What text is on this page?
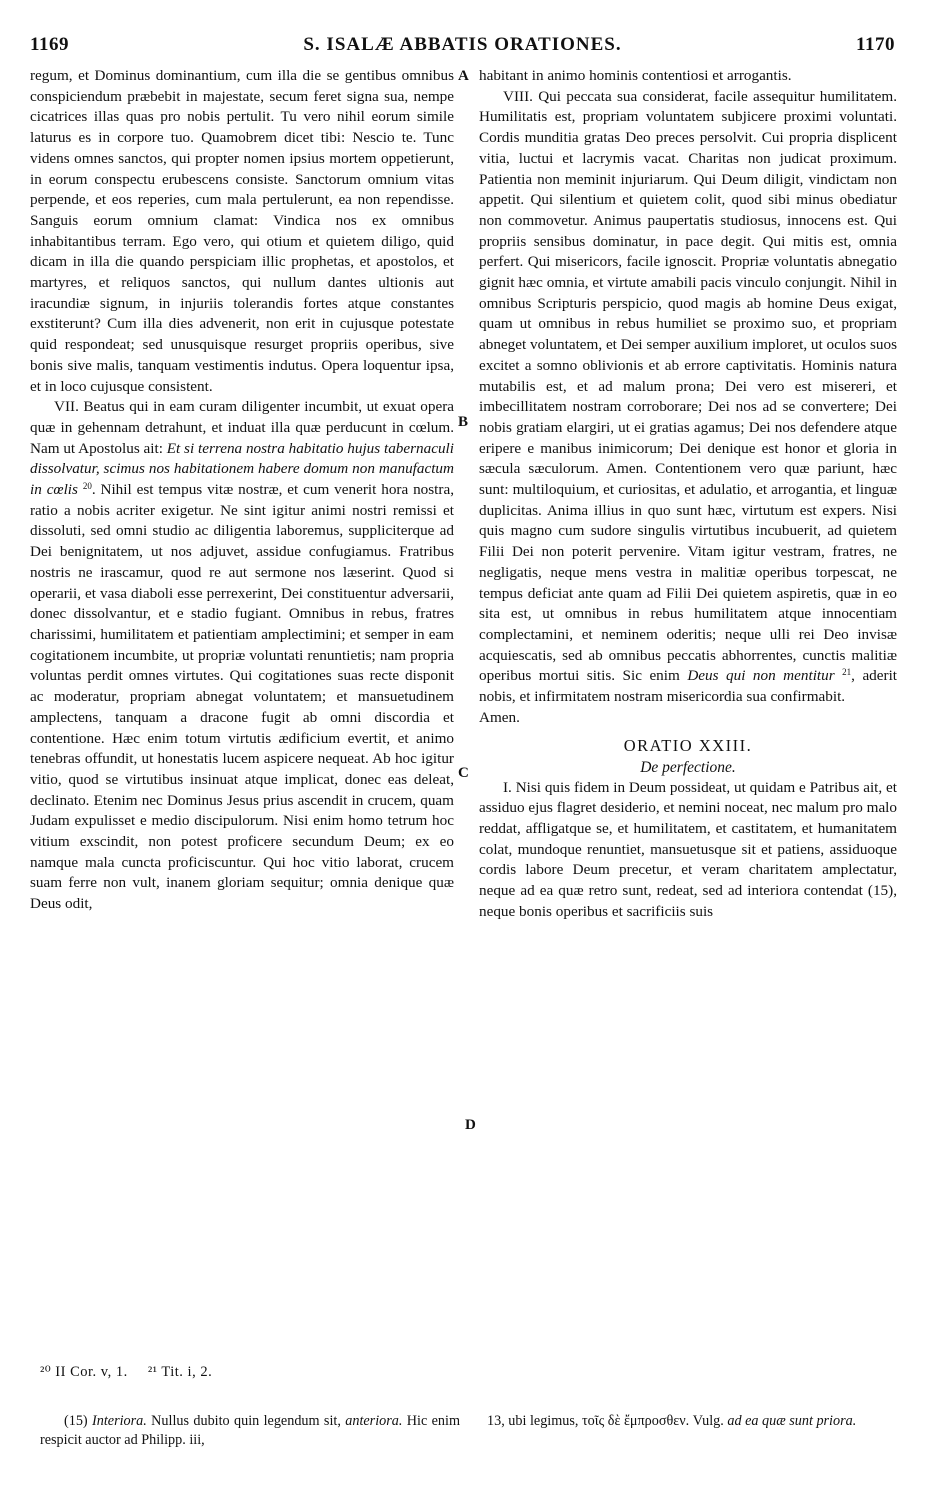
1169	S. ISALÆ ABBATIS ORATIONES.	1170
A
B
C
D

regum, et Dominus dominantium, cum illa die se gentibus omnibus conspiciendum præbebit in majestate, secum feret signa sua, nempe cicatrices illas quas pro nobis pertulit. Tu vero nihil eorum simile laturus es in corpore tuo. Quamobrem dicet tibi: Nescio te. Tunc videns omnes sanctos, qui propter nomen ipsius mortem oppetierunt, in eorum conspectu erubescens consiste. Sanctorum omnium vitas perpende, et eos reperies, cum mala pertulerunt, ea non rependisse. Sanguis eorum omnium clamat: Vindica nos ex omnibus inhabitantibus terram. Ego vero, qui otium et quietem diligo, quid dicam in illa die quando perspiciam illic prophetas, et apostolos, et martyres, et reliquos sanctos, qui nullum dantes ultionis aut iracundiæ signum, in injuriis tolerandis fortes atque constantes exstiterunt? Cum illa dies advenerit, non erit in cujusque potestate quid respondeat; sed unusquisque resurget propriis operibus, sive bonis sive malis, tanquam vestimentis indutus. Opera loquentur ipsa, et in loco cujusque consistent.

VII. Beatus qui in eam curam diligenter incumbit, ut exuat opera quæ in gehennam detrahunt, et induat illa quæ perducunt in cœlum. Nam ut Apostolus ait: Et si terrena nostra habitatio hujus tabernaculi dissolvatur, scimus nos habitationem habere domum non manufactum in cœlis $^{20}$. Nihil est tempus vitæ nostræ, et cum venerit hora nostra, ratio a nobis acriter exigetur. Ne sint igitur animi nostri remissi et dissoluti, sed omni studio ac diligentia laboremus, suppliciterque ad Dei benignitatem, ut nos adjuvet, assidue confugiamus. Fratribus nostris ne irascamur, quod re aut sermone nos læserint. Quod si operarii, et vasa diaboli esse perrexerint, Dei constituentur adversarii, donec dissolvantur, et e stadio fugiant. Omnibus in rebus, fratres charissimi, humilitatem et patientiam amplectimini; et semper in eam cogitationem incumbite, ut propriæ voluntati renuntietis; nam propria voluntas perdit omnes virtutes. Qui cogitationes suas recte disponit ac moderatur, propriam abnegat voluntatem; et mansuetudinem amplectens, tanquam a dracone fugit ab omni discordia et contentione. Hæc enim totum virtutis ædificium evertit, et animo tenebras offundit, ut honestatis lucem aspicere nequeat. Ab hoc igitur vitio, quod se virtutibus insinuat atque implicat, donec eas deleat, declinato. Etenim nec Dominus Jesus prius ascendit in crucem, quam Judam expulisset e medio discipulorum. Nisi enim homo tetrum hoc vitium exscindit, non potest proficere secundum Deum; ex eo namque mala cuncta proficiscuntur. Qui hoc vitio laborat, crucem suam ferre non vult, inanem gloriam sequitur; omnia denique quæ Deus odit,

habitant in animo hominis contentiosi et arrogantis.

VIII. Qui peccata sua considerat, facile assequitur humilitatem. Humilitatis est, propriam voluntatem subjicere proximi voluntati. Cordis munditia gratas Deo preces persolvit. Cui propria displicent vitia, luctui et lacrymis vacat. Charitas non judicat proximum. Patientia non meminit injuriarum. Qui Deum diligit, vindictam non appetit. Qui silentium et quietem colit, quod sibi minus obediatur non commovetur. Animus paupertatis studiosus, innocens est. Qui propriis sensibus dominatur, in pace degit. Qui mitis est, omnia perfert. Qui misericors, facile ignoscit. Propriæ voluntatis abnegatio gignit hæc omnia, et virtute amabili pacis vinculo conjungit. Nihil in omnibus Scripturis perspicio, quod magis ab homine Deus exigat, quam ut omnibus in rebus humiliet se proximo suo, et propriam abneget voluntatem, et Dei semper auxilium imploret, ut oculos suos excitet a somno oblivionis et ab errore captivitatis. Hominis natura mutabilis est, et ad malum prona; Dei vero est misereri, et imbecillitatem nostram corroborare; Dei nos ad se convertere; Dei nobis gratiam elargiri, ut ei gratias agamus; Dei nos defendere atque eripere e manibus inimicorum; Dei denique est honor et gloria in sæcula sæculorum. Amen. Contentionem vero quæ pariunt, hæc sunt: multiloquium, et curiositas, et adulatio, et arrogantia, et linguæ duplicitas. Anima illius in quo sunt hæc, virtutum est expers. Nisi quis magno cum sudore singulis virtutibus incubuerit, ad quietem Filii Dei non poterit pervenire. Vitam igitur vestram, fratres, ne negligatis, neque mens vestra in malitiæ operibus torpescat, ne tempus deficiat ante quam ad Filii Dei quietem aspiretis, quæ in eo sita est, ut omnibus in rebus humilitatem atque innocentiam complectamini, et neminem oderitis; neque ulli rei Deo invisæ acquiescatis, sed ab omnibus peccatis abhorrentes, cunctis malitiæ operibus mortui sitis. Sic enim Deus qui non mentitur $^{21}$, aderit nobis, et infirmitatem nostram misericordia sua confirmabit.

Amen.

ORATIO XXIII.
De perfectione.

I. Nisi quis fidem in Deum possideat, ut quidam e Patribus ait, et assiduo ejus flagret desiderio, et nemini noceat, nec malum pro malo reddat, affligatque se, et humilitatem, et castitatem, et humanitatem colat, mundoque renuntiet, mansuetusque sit et patiens, assiduoque cordis labore Deum precetur, et veram charitatem amplectatur, neque ad ea quæ retro sunt, redeat, sed ad interiora contendat (15), neque bonis operibus et sacrificiis suis

²⁰ II Cor. v, 1. ²¹ Tit. i, 2.

(15) Interiora. Nullus dubito quin legendum sit, anteriora. Hic enim respicit auctor ad Philipp. iii,

13, ubi legimus, τοῖς δὲ ἔμπροσθεν. Vulg. ad ea quæ sunt priora.
